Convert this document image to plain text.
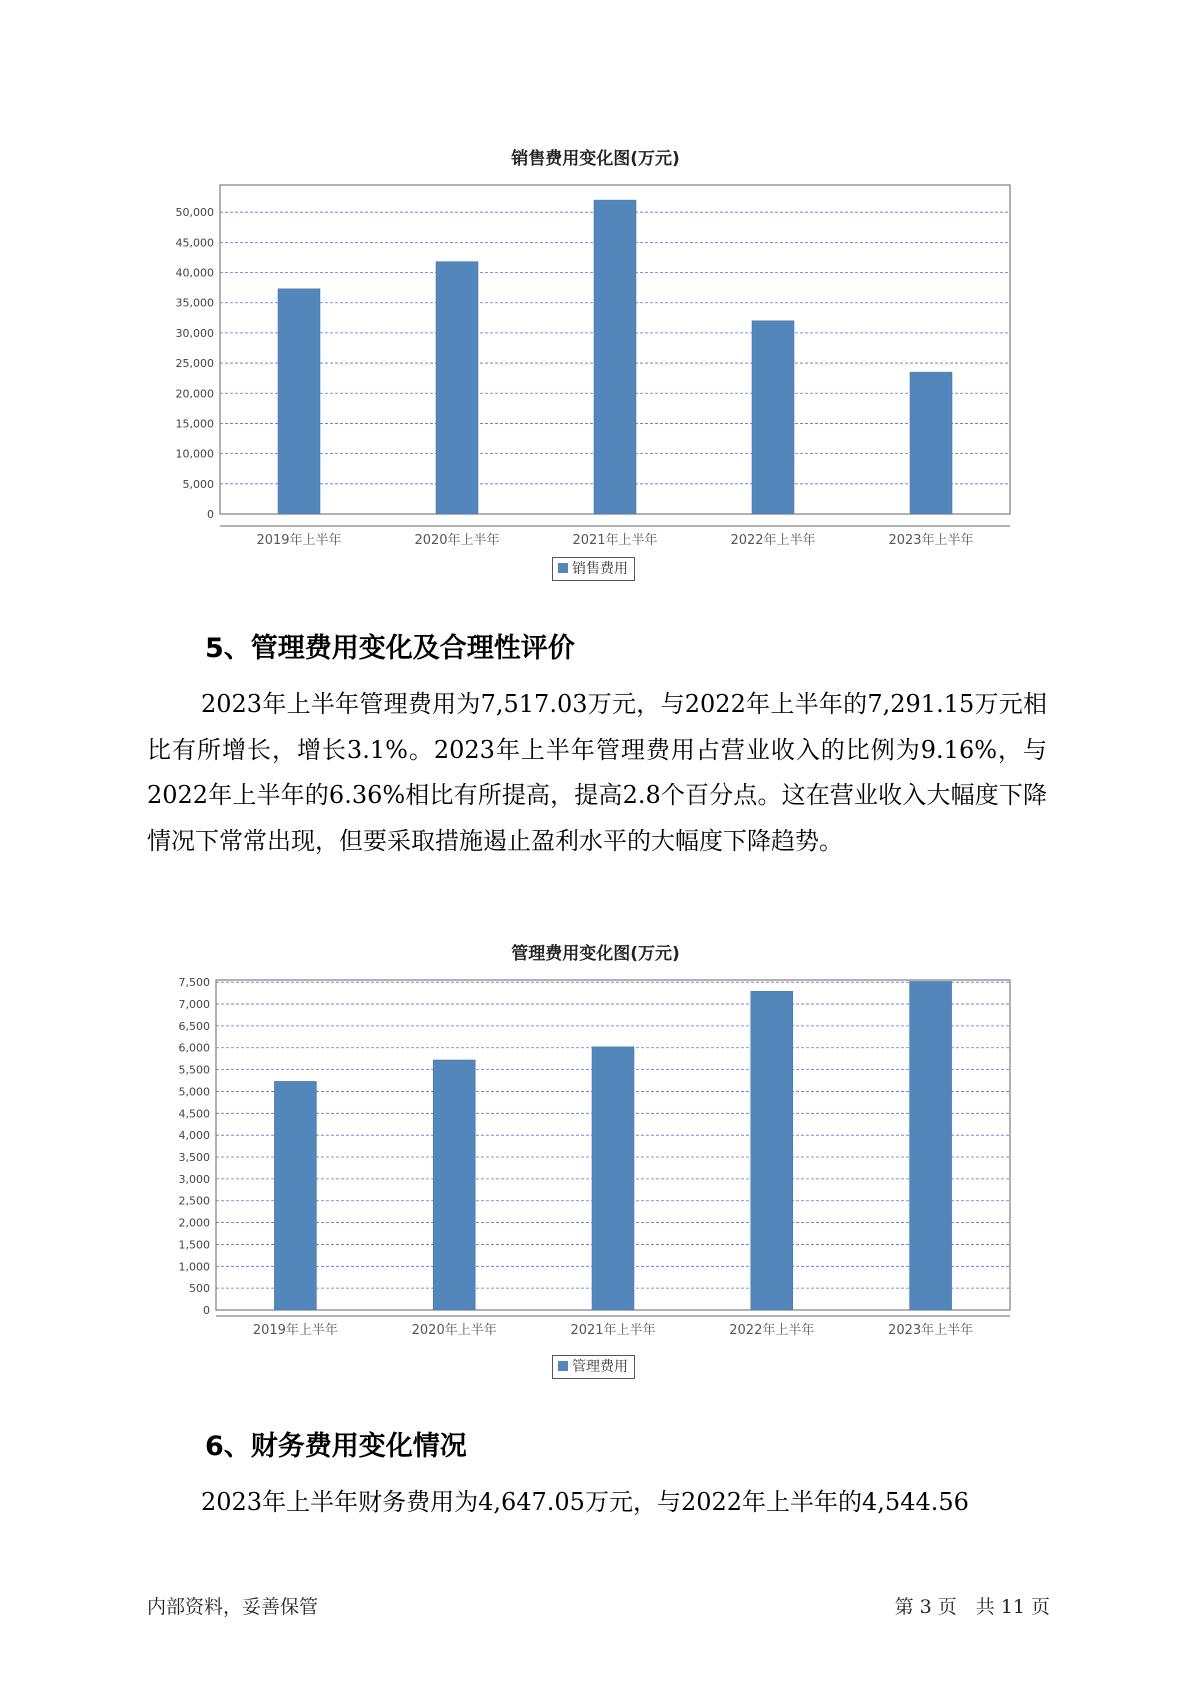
销售费用变化图(万元)
0
5,000
10,000
15,000
20,000
25,000
30,000
35,000
40,000
45,000
50,000
2019年上半年	2020年上半年	2021年上半年	2022年上半年	2023年上半年
销售费用
5、管理费用变化及合理性评价

2023年上半年管理费用为7,517.03万元，与2022年上半年的7,291.15万元相比有所增长，增长3.1%。2023年上半年管理费用占营业收入的比例为9.16%，与2022年上半年的6.36%相比有所提高，提高2.8个百分点。这在营业收入大幅度下降情况下常常出现，但要采取措施遏止盈利水平的大幅度下降趋势。

管理费用变化图(万元)
0
500
1,000
1,500
2,000
2,500
3,000
3,500
4,000
4,500
5,000
5,500
6,000
6,500
7,000
7,500
2019年上半年	2020年上半年	2021年上半年	2022年上半年	2023年上半年
管理费用
6、财务费用变化情况

2023年上半年财务费用为4,647.05万元，与2022年上半年的4,544.56

内部资料，妥善保管	第 3 页　共 11 页
